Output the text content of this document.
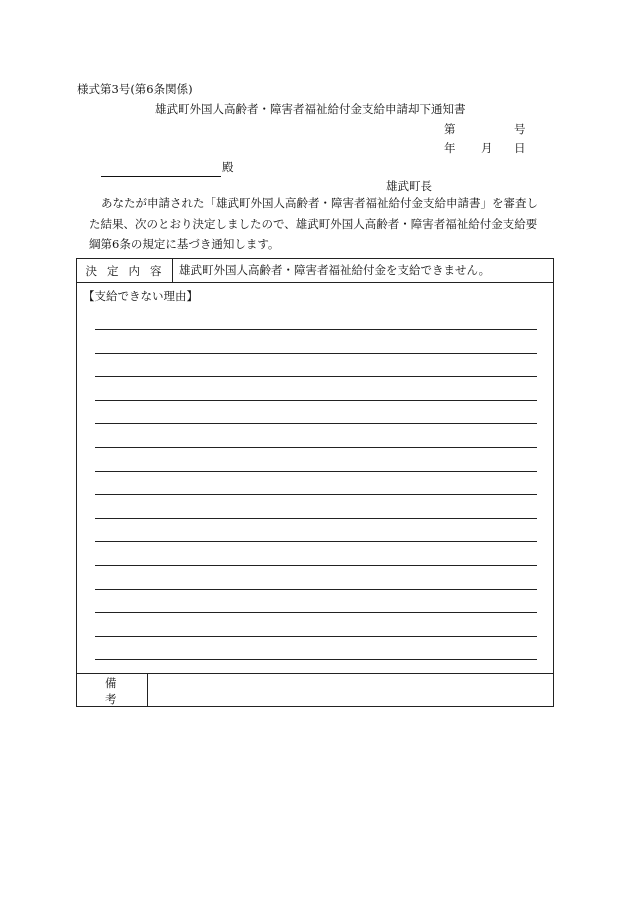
様式第3号(第6条関係)
雄武町外国人高齢者・障害者福祉給付金支給申請却下通知書
第	号
年 月 日
殿
雄武町長
あなたが申請された「雄武町外国人高齢者・障害者福祉給付金支給申請書」を審査し
た結果、次のとおり決定しましたので、雄武町外国人高齢者・障害者福祉給付金支給要
綱第6条の規定に基づき通知します。
決定内容 雄武町外国人高齢者・障害者福祉給付金を支給できません。
【支給できない理由】
備考
